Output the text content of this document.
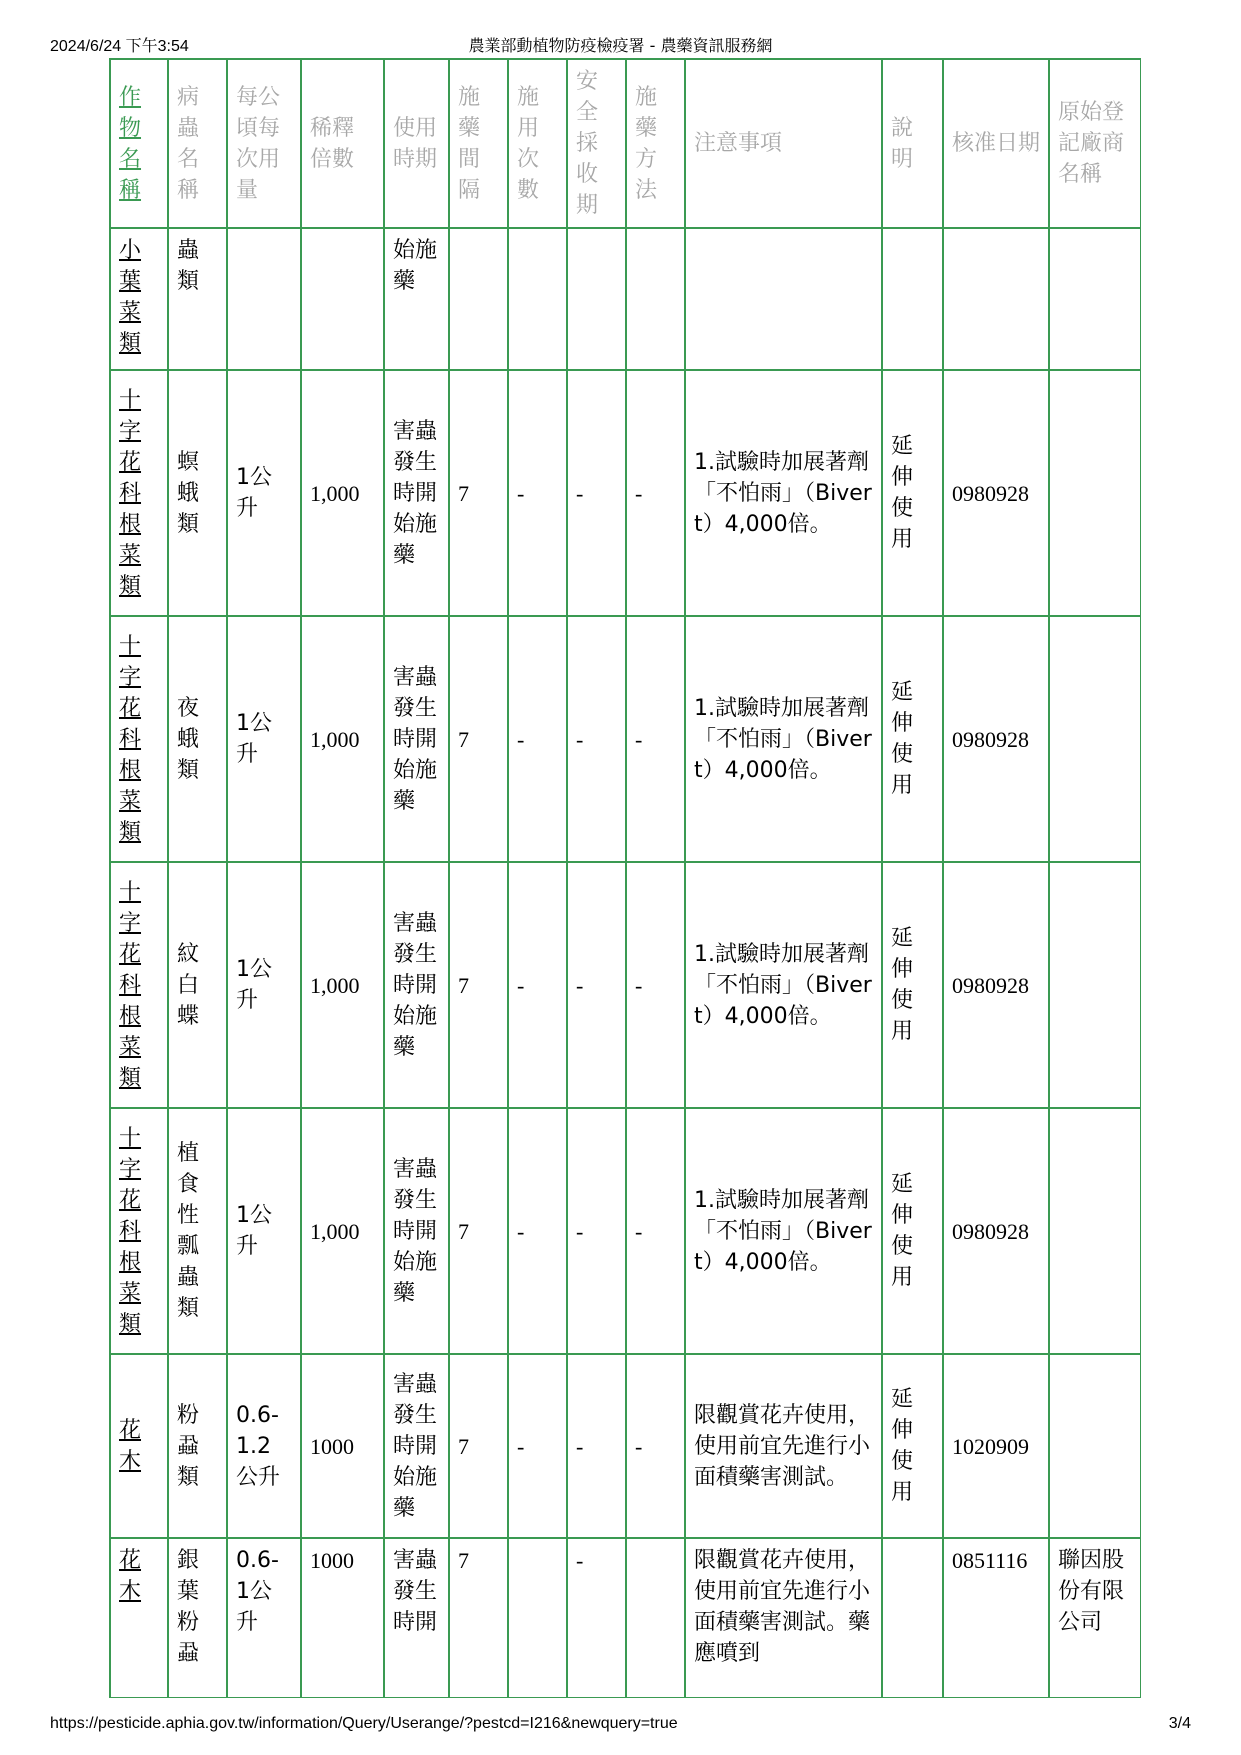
2024/6/24 下午3:54	農業部動植物防疫檢疫署 - 農藥資訊服務網
作物名稱	病蟲名稱	每公頃每次用量	稀釋倍數	使用時期	施藥間隔	施用次數	安全採收期	施藥方法	注意事項	說明	核准日期	原始登記廠商名稱
小葉菜類	蟲類			始施藥								
十字花科根菜類	螟蛾類	1公升	1,000	害蟲發生時開始施藥	7	-	-	-	1.試驗時加展著劑「不怕雨」（Bivert）4,000倍。	延伸使用	0980928	
十字花科根菜類	夜蛾類	1公升	1,000	害蟲發生時開始施藥	7	-	-	-	1.試驗時加展著劑「不怕雨」（Bivert）4,000倍。	延伸使用	0980928	
十字花科根菜類	紋白蝶	1公升	1,000	害蟲發生時開始施藥	7	-	-	-	1.試驗時加展著劑「不怕雨」（Bivert）4,000倍。	延伸使用	0980928	
十字花科根菜類	植食性瓢蟲類	1公升	1,000	害蟲發生時開始施藥	7	-	-	-	1.試驗時加展著劑「不怕雨」（Bivert）4,000倍。	延伸使用	0980928	
花木	粉蝨類	0.6-1.2公升	1000	害蟲發生時開始施藥	7	-	-	-	限觀賞花卉使用，使用前宜先進行小面積藥害測試。	延伸使用	1020909	
花木	銀葉粉蝨	0.6-1公升	1000	害蟲發生時開	7		-		限觀賞花卉使用，使用前宜先進行小面積藥害測試。藥應噴到		0851116	聯因股份有限公司
https://pesticide.aphia.gov.tw/information/Query/Userange/?pestcd=I216&newquery=true	3/4
